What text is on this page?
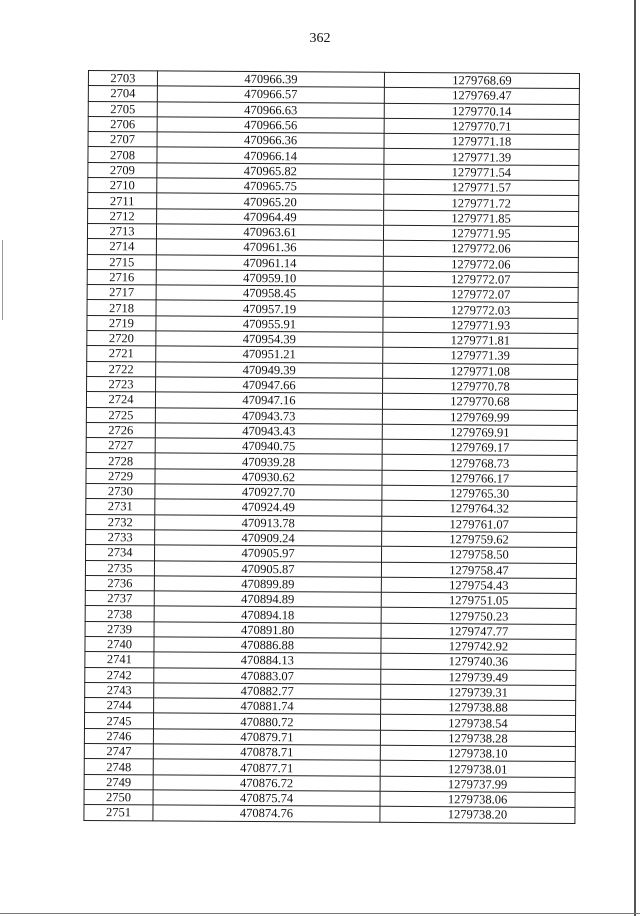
362
2703	470966.39	1279768.69
2704	470966.57	1279769.47
2705	470966.63	1279770.14
2706	470966.56	1279770.71
2707	470966.36	1279771.18
2708	470966.14	1279771.39
2709	470965.82	1279771.54
2710	470965.75	1279771.57
2711	470965.20	1279771.72
2712	470964.49	1279771.85
2713	470963.61	1279771.95
2714	470961.36	1279772.06
2715	470961.14	1279772.06
2716	470959.10	1279772.07
2717	470958.45	1279772.07
2718	470957.19	1279772.03
2719	470955.91	1279771.93
2720	470954.39	1279771.81
2721	470951.21	1279771.39
2722	470949.39	1279771.08
2723	470947.66	1279770.78
2724	470947.16	1279770.68
2725	470943.73	1279769.99
2726	470943.43	1279769.91
2727	470940.75	1279769.17
2728	470939.28	1279768.73
2729	470930.62	1279766.17
2730	470927.70	1279765.30
2731	470924.49	1279764.32
2732	470913.78	1279761.07
2733	470909.24	1279759.62
2734	470905.97	1279758.50
2735	470905.87	1279758.47
2736	470899.89	1279754.43
2737	470894.89	1279751.05
2738	470894.18	1279750.23
2739	470891.80	1279747.77
2740	470886.88	1279742.92
2741	470884.13	1279740.36
2742	470883.07	1279739.49
2743	470882.77	1279739.31
2744	470881.74	1279738.88
2745	470880.72	1279738.54
2746	470879.71	1279738.28
2747	470878.71	1279738.10
2748	470877.71	1279738.01
2749	470876.72	1279737.99
2750	470875.74	1279738.06
2751	470874.76	1279738.20
